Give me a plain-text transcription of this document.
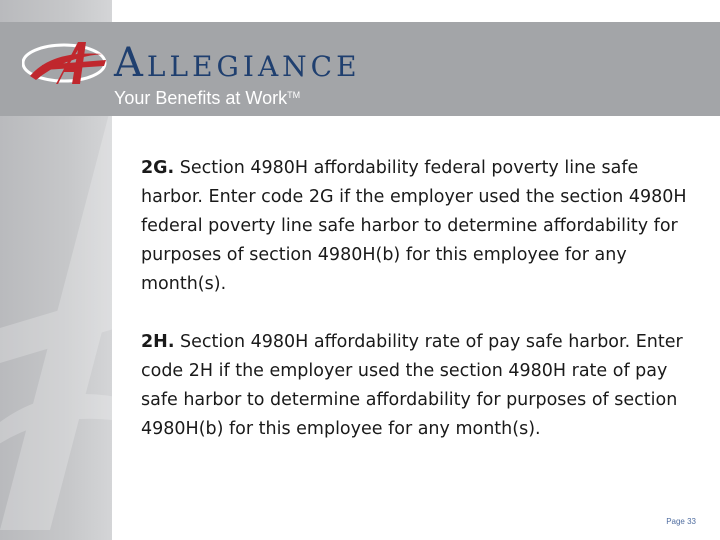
Allegiance
Your Benefits at Work™

2G. Section 4980H affordability federal poverty line safe harbor. Enter code 2G if the employer used the section 4980H federal poverty line safe harbor to determine affordability for purposes of section 4980H(b) for this employee for any month(s).

2H. Section 4980H affordability rate of pay safe harbor. Enter code 2H if the employer used the section 4980H rate of pay safe harbor to determine affordability for purposes of section 4980H(b) for this employee for any month(s).

Page 33
